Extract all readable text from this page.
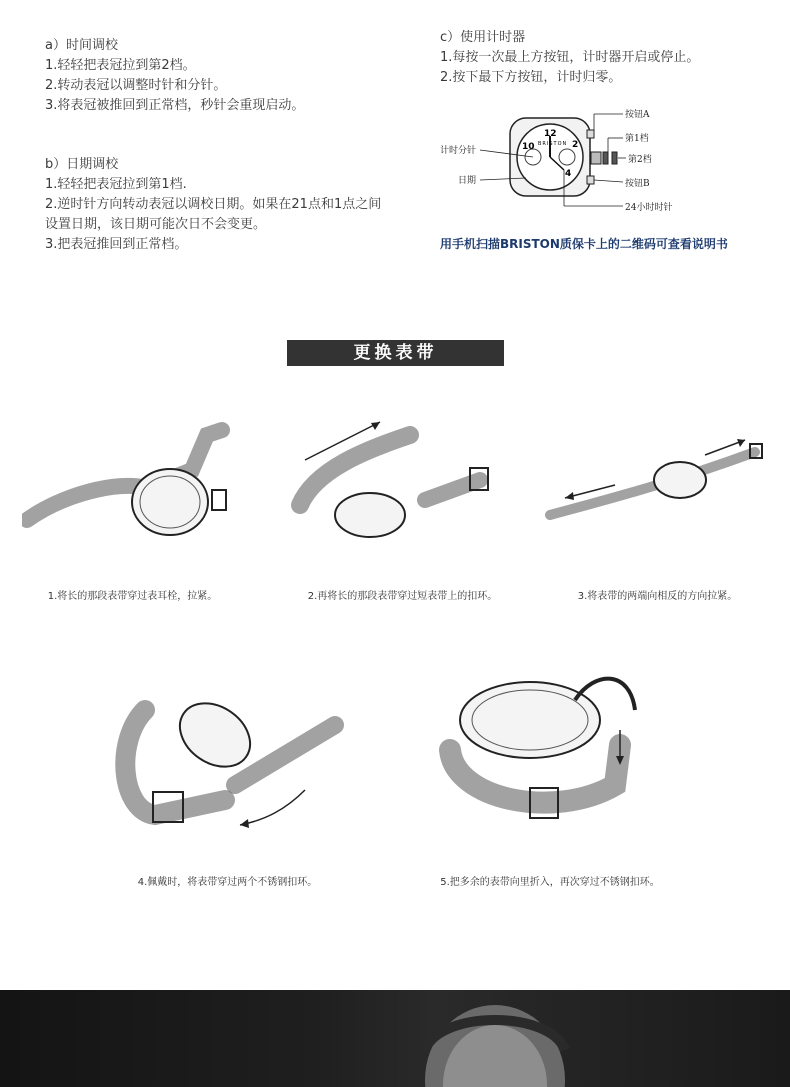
a）时间调校
1.轻轻把表冠拉到第2档。
2.转动表冠以调整时针和分针。
3.将表冠被推回到正常档，秒针会重现启动。
b）日期调校
1.轻轻把表冠拉到第1档.
2.逆时针方向转动表冠以调校日期。如果在21点和1点之间
设置日期，该日期可能次日不会变更。
3.把表冠推回到正常档。
c）使用计时器
1.每按一次最上方按钮，计时器开启或停止。
2.按下最下方按钮，计时归零。
12
10	2
4
BRISTON
按钮A
第1档
第2档
按钮B
24小时时针
计时分针
日期
用手机扫描BRISTON质保卡上的二维码可查看说明书
更换表带
1.将长的那段表带穿过表耳栓，拉紧。	2.再将长的那段表带穿过短表带上的扣环。	3.将表带的两端向相反的方向拉紧。
4.佩戴时，将表带穿过两个不锈钢扣环。	5.把多余的表带向里折入，再次穿过不锈钢扣环。
